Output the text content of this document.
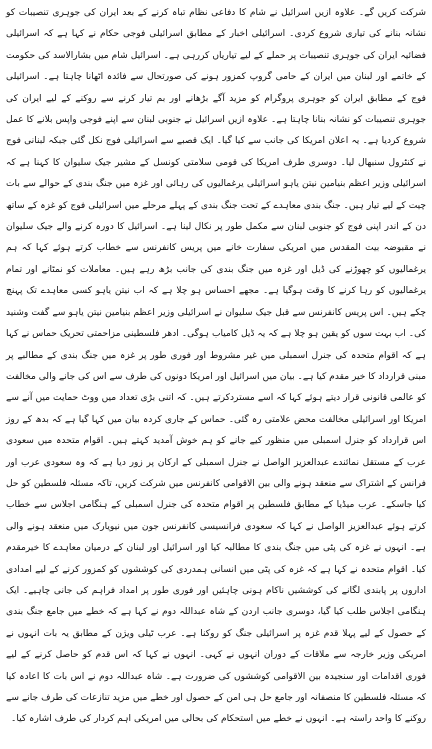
شرکت کریں گے۔ علاوہ ازیں اسرائیل نے شام کا دفاعی نظام تباہ کرنے کے بعد ایران کی جوہری تنصیبات کو نشانہ بنانے کی تیاری شروع کردی۔ اسرائیلی اخبار کے مطابق اسرائیلی فوجی حکام نے کہا ہے کہ اسرائیلی فضائیہ ایران کی جوہری تنصیبات پر حملے کے لیے تیاریاں کررہی ہے۔ اسرائیل شام میں بشارالاسد کی حکومت کے خاتمے اور لبنان میں ایران کے حامی گروپ کمزور ہونے کی صورتحال سے فائدہ اٹھانا چاہتا ہے۔ اسرائیلی فوج کے مطابق ایران کو جوہری پروگرام کو مزید آگے بڑھانے اور بم تیار کرنے سے روکنے کے لیے ایران کی جوہری تنصیبات کو نشانہ بنانا چاہتا ہے۔ علاوہ ازیں اسرائیل نے جنوبی لبنان سے اپنے فوجی واپس بلانے کا عمل شروع کردیا ہے۔ یہ اعلان امریکا کی جانب سے کیا گیا۔ ایک قصبے سے اسرائیلی فوج نکل گئی جبکہ لبنانی فوج نے کنٹرول سنبھال لیا۔ دوسری طرف امریکا کی قومی سلامتی کونسل کے مشیر جیک سلیوان کا کہنا ہے کہ اسرائیلی وزیر اعظم بنیامین نیتن یاہو اسرائیلی یرغمالیوں کی رہائی اور غزہ میں جنگ بندی کے حوالے سے بات چیت کے لیے تیار ہیں۔ جنگ بندی معاہدے کے تحت جنگ بندی کے پہلے مرحلے میں اسرائیلی فوج کو غزہ کے ساتھ دن کے اندر اپنی فوج کو جنوبی لبنان سے مکمل طور پر نکال لینا ہے۔ اسرائیل کا دورہ کرنے والے جیک سلیوان نے مقبوضہ بیت المقدس میں امریکی سفارت خانے میں پریس کانفرنس سے خطاب کرتے ہوئے کہا کہ ہم یرغمالیوں کو چھوڑنے کی ڈیل اور غزہ میں جنگ بندی کی جانب بڑھ رہے ہیں۔ معاملات کو نمٹانے اور تمام یرغمالیوں کو رہا کرنے کا وقت ہوگیا ہے۔ مجھے احساس ہو چلا ہے کہ اب نیتن یاہو کسی معاہدے تک پہنچ چکے ہیں۔ اس پریس کانفرنس سے قبل جیک سلیوان نے اسرائیلی وزیر اعظم بنیامین نیتن یاہو سے گفت وشنید کی۔ اب بہت سوں کو یقین ہو چلا ہے کہ یہ ڈیل کامیاب ہوگی۔ ادھر فلسطینی مزاحمتی تحریک حماس نے کہا ہے کہ اقوام متحدہ کی جنرل اسمبلی میں غیر مشروط اور فوری طور پر غزہ میں جنگ بندی کے مطالبے پر مبنی قرارداد کا خیر مقدم کیا ہے۔ بیان میں اسرائیل اور امریکا دونوں کی طرف سے اس کی جانے والی مخالفت کو عالمی قانونی قرار دیتے ہوئے کہا کہ اسے مستردکرتے ہیں۔ کہ اتنی بڑی تعداد میں ووٹ حمایت میں آنے سے امریکا اور اسرائیلی مخالفت محض علامتی رہ گئی۔ حماس کے جاری کردہ بیان میں کہا گیا ہے کہ بدھ کے روز اس قرارداد کو جنرل اسمبلی میں منظور کیے جانے کو ہم خوش آمدید کہتے ہیں۔ اقوام متحدہ میں سعودی عرب کے مستقل نمائندے عبدالعزیز الواصل نے جنرل اسمبلی کے ارکان پر زور دیا ہے کہ وہ سعودی عرب اور فرانس کے اشتراک سے منعقد ہونے والی بین الاقوامی کانفرنس میں شرکت کریں، تاکہ مسئلہ فلسطین کو حل کیا جاسکے۔ عرب میڈیا کے مطابق فلسطین پر اقوام متحدہ کی جنرل اسمبلی کے ہنگامی اجلاس سے خطاب کرتے ہوئے عبدالعزیز الواصل نے کہا کہ سعودی فرانسیسی کانفرنس جون میں نیویارک میں منعقد ہونے والی ہے۔ انہوں نے غزہ کی پٹی میں جنگ بندی کا مطالبہ کیا اور اسرائیل اور لبنان کے درمیان معاہدے کا خیرمقدم کیا۔ اقوام متحدہ نے کہا ہے کہ غزہ کی پٹی میں انسانی ہمدردی کی کوششوں کو کمزور کرنے کے لیے امدادی اداروں پر پابندی لگانے کی کوششیں ناکام ہونی چاہئیں اور فوری طور پر امداد فراہم کی جانی چاہیے۔ ایک ہنگامی اجلاس طلب کیا گیا، دوسری جانب اردن کے شاہ عبداللہ دوم نے کہا ہے کہ خطے میں جامع جنگ بندی کے حصول کے لیے پہلا قدم غزہ پر اسرائیلی جنگ کو روکنا ہے۔ عرب ٹیلی ویژن کے مطابق یہ بات انہوں نے امریکی وزیر خارجہ سے ملاقات کے دوران انہوں نے کہی۔ انہوں نے کہا کہ اس قدم کو حاصل کرنے کے لیے فوری اقدامات اور سنجیدہ بین الاقوامی کوششوں کی ضرورت ہے۔ شاہ عبداللہ دوم نے اس بات کا اعادہ کیا کہ مسئلہ فلسطین کا منصفانہ اور جامع حل ہی امن کے حصول اور خطے میں مزید تنازعات کی طرف جانے سے روکنے کا واحد راستہ ہے۔ انہوں نے خطے میں استحکام کی بحالی میں امریکی اہم کردار کی طرف اشارہ کیا۔
